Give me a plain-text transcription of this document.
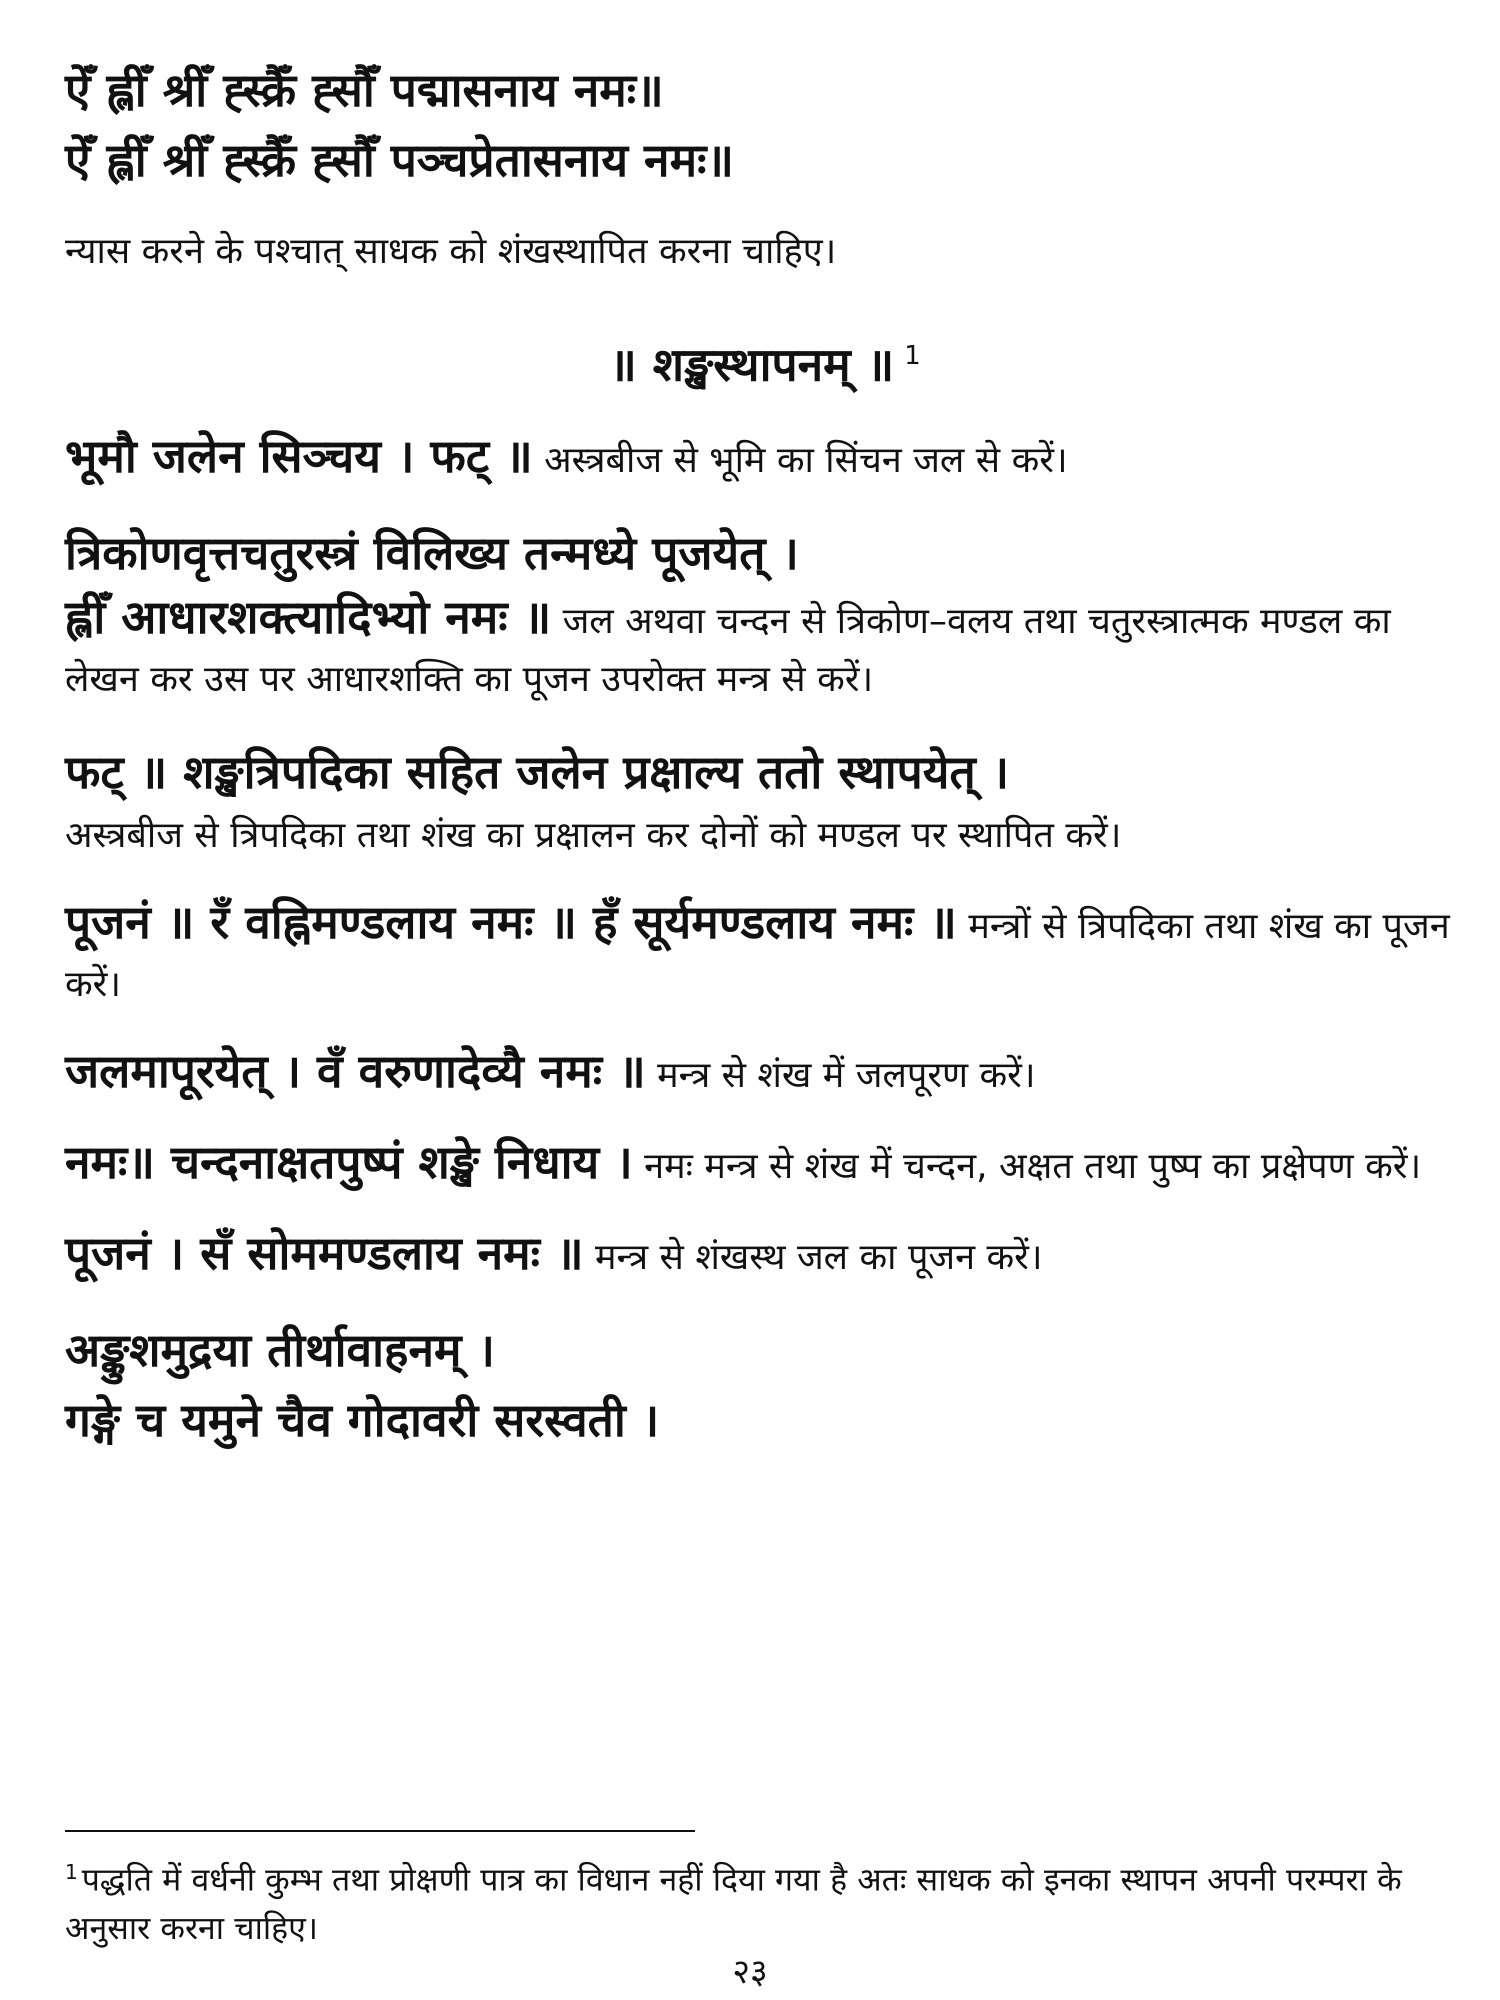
ऐँ ह्लीँ श्रीँ ह्स्क्रैँ ह्सौँ पद्मासनाय नमः॥

ऐँ ह्लीँ श्रीँ ह्स्क्रैँ ह्सौँ पञ्चप्रेतासनाय नमः॥

न्यास करने के पश्चात् साधक को शंखस्थापित करना चाहिए।

॥ शङ्खस्थापनम् ॥ $^1$

भूमौ जलेन सिञ्चय । फट् ॥ अस्त्रबीज से भूमि का सिंचन जल से करें।

त्रिकोणवृत्तचतुरस्त्रं विलिख्य तन्मध्ये पूजयेत् ।

ह्लीँ आधारशक्त्यादिभ्यो नमः ॥ जल अथवा चन्दन से त्रिकोण–वलय तथा चतुरस्त्रात्मक मण्डल का लेखन कर उस पर आधारशक्ति का पूजन उपरोक्त मन्त्र से करें।

फट् ॥ शङ्खत्रिपदिका सहित जलेन प्रक्षाल्य ततो स्थापयेत् ।

अस्त्रबीज से त्रिपदिका तथा शंख का प्रक्षालन कर दोनों को मण्डल पर स्थापित करें।

पूजनं ॥ रँ वह्निमण्डलाय नमः ॥ हँ सूर्यमण्डलाय नमः ॥ मन्त्रों से त्रिपदिका तथा शंख का पूजन करें।

जलमापूरयेत् । वँ वरुणादेव्यै नमः ॥ मन्त्र से शंख में जलपूरण करें।

नमः॥ चन्दनाक्षतपुष्पं शङ्खे निधाय । नमः मन्त्र से शंख में चन्दन, अक्षत तथा पुष्प का प्रक्षेपण करें।

पूजनं । सँ सोममण्डलाय नमः ॥ मन्त्र से शंखस्थ जल का पूजन करें।

अङ्कुशमुद्रया तीर्थावाहनम् ।

गङ्गे च यमुने चैव गोदावरी सरस्वती ।

$^1$ पद्धति में वर्धनी कुम्भ तथा प्रोक्षणी पात्र का विधान नहीं दिया गया है अतः साधक को इनका स्थापन अपनी परम्परा के अनुसार करना चाहिए।

२३
